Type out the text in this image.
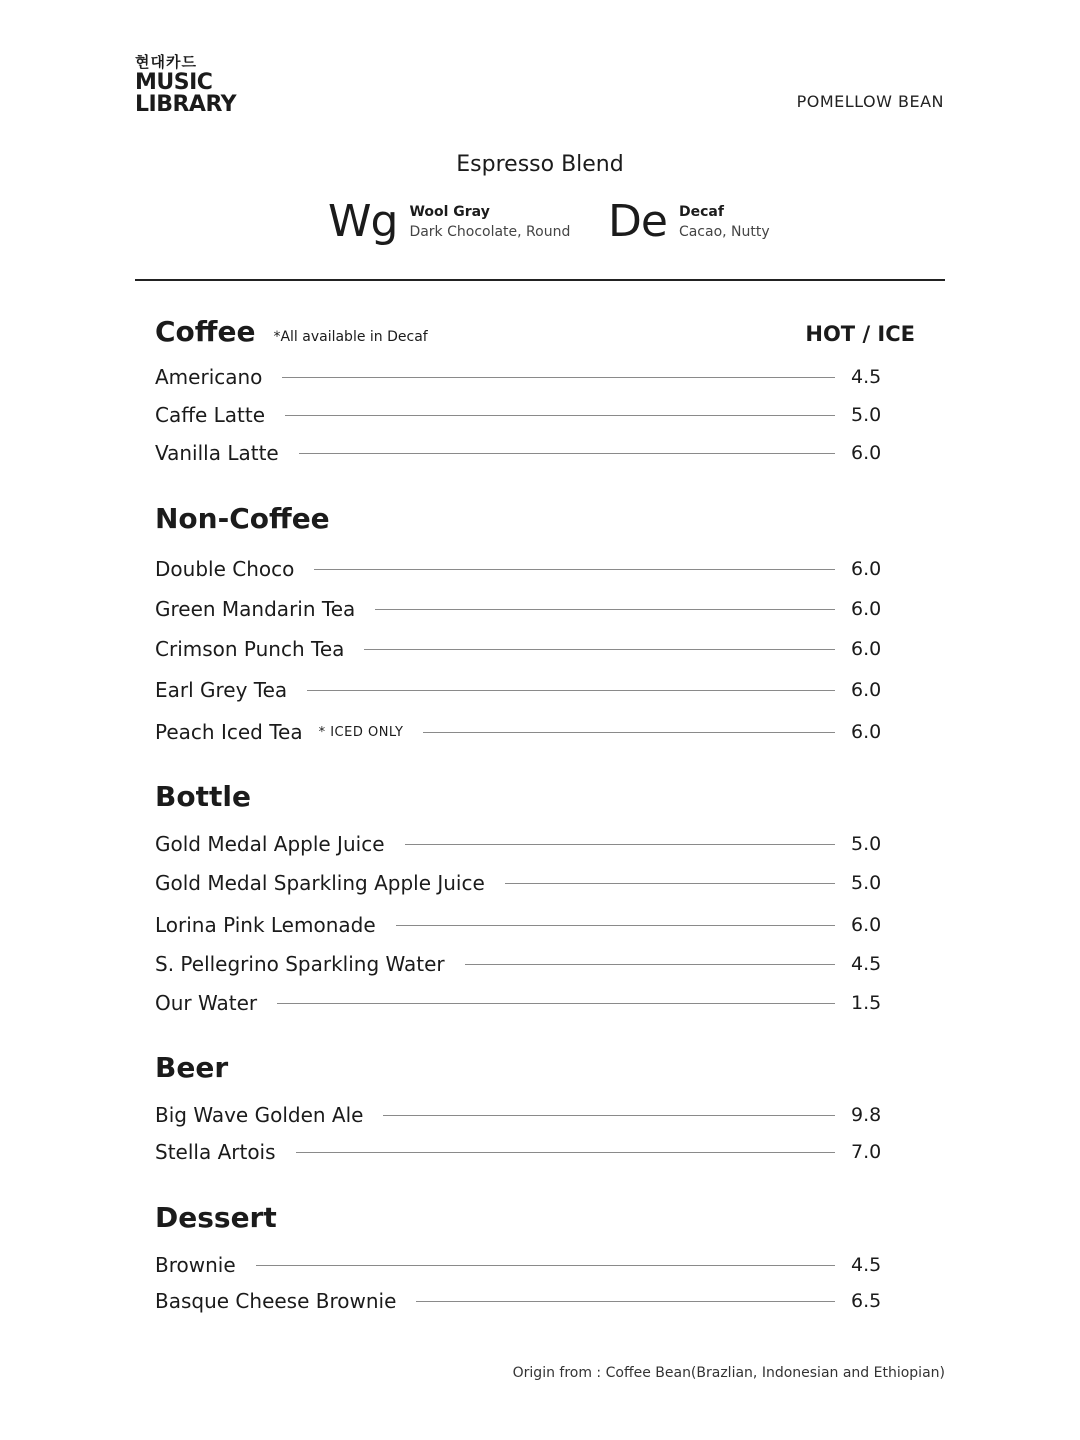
현대카드
MUSIC
LIBRARY	POMELLOW BEAN
Espresso Blend
Wg Wool Gray
Dark Chocolate, Round De Decaf
Cacao, Nutty
Coffee *All available in Decaf	HOT / ICE
Americano	4.5
Caffe Latte	5.0
Vanilla Latte	6.0
Non-Coffee
Double Choco	6.0
Green Mandarin Tea	6.0
Crimson Punch Tea	6.0
Earl Grey Tea	6.0
Peach Iced Tea * ICED ONLY	6.0
Bottle
Gold Medal Apple Juice	5.0
Gold Medal Sparkling Apple Juice	5.0
Lorina Pink Lemonade	6.0
S. Pellegrino Sparkling Water	4.5
Our Water	1.5
Beer
Big Wave Golden Ale	9.8
Stella Artois	7.0
Dessert
Brownie	4.5
Basque Cheese Brownie	6.5
Origin from : Coffee Bean(Brazlian, Indonesian and Ethiopian)
